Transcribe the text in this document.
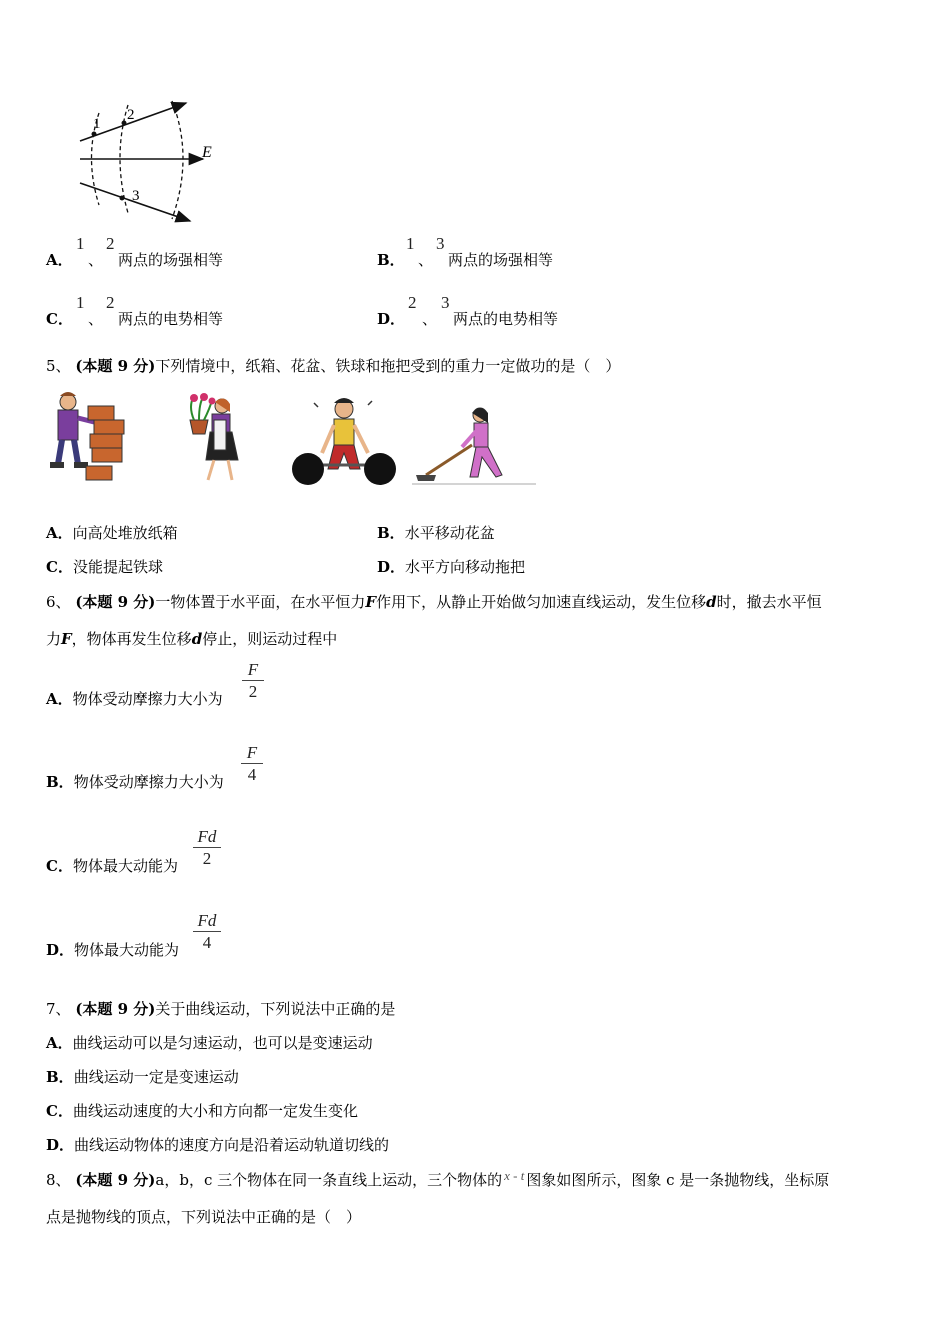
1
2
3
E
A．
1
、
2
两点的场强相等	B．
1
、
3
两点的场强相等
C．
1
、
2
两点的电势相等	D．
2
、
3
两点的电势相等
5、 (本题 9 分)下列情境中，纸箱、花盆、铁球和拖把受到的重力一定做功的是（　）
A．向高处堆放纸箱	B．水平移动花盆
C．没能提起铁球	D．水平方向移动拖把
6、 (本题 9 分)一物体置于水平面，在水平恒力F作用下，从静止开始做匀加速直线运动，发生位移d时，撤去水平恒
力F，物体再发生位移d停止，则运动过程中
A．物体受动摩擦力大小为
F
2
B．物体受动摩擦力大小为
F
4
C．物体最大动能为
Fd
2
D．物体最大动能为
Fd
4
7、 (本题 9 分)关于曲线运动，下列说法中正确的是
A．曲线运动可以是匀速运动，也可以是变速运动
B．曲线运动一定是变速运动
C．曲线运动速度的大小和方向都一定发生变化
D．曲线运动物体的速度方向是沿着运动轨道切线的
8、 (本题 9 分)a，b，c 三个物体在同一条直线上运动，三个物体的 x - t 图象如图所示，图象 c 是一条抛物线，坐标原
点是抛物线的顶点，下列说法中正确的是（　）
